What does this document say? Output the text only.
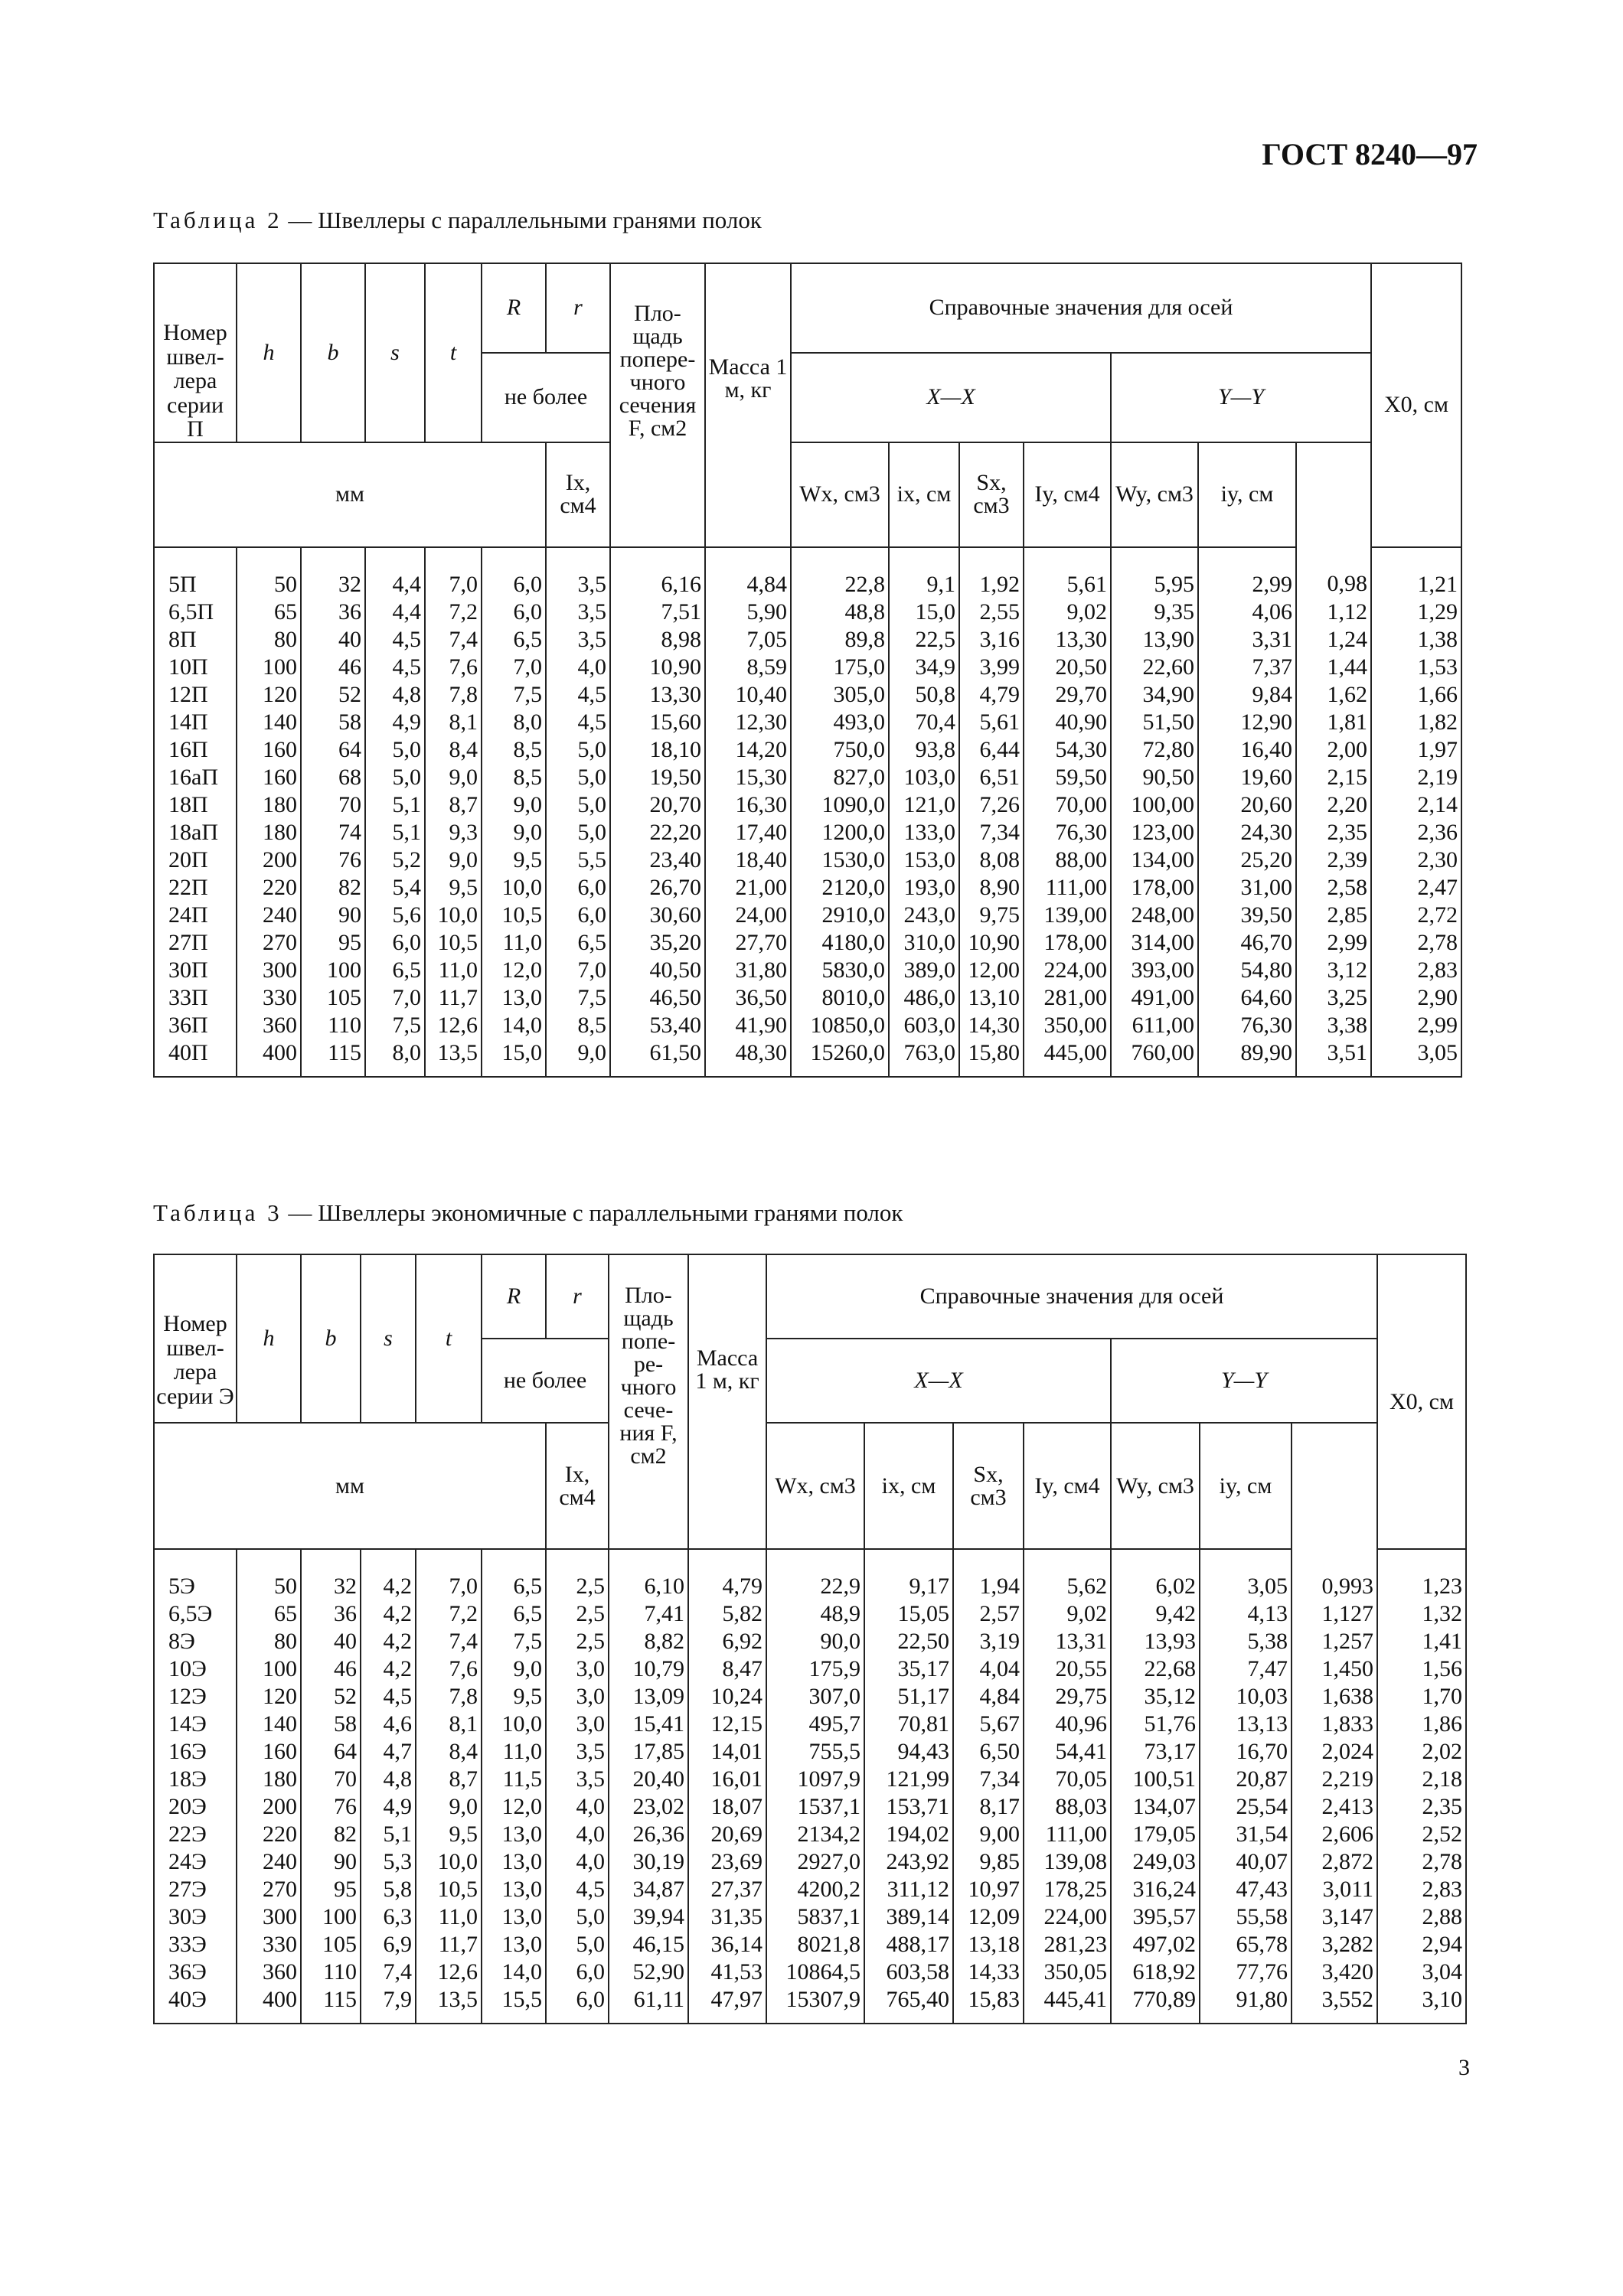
ГОСТ 8240—97
Таблица 2 — Швеллеры с параллельными гранями полок
Номер швел-лера серии П	h	b	s	t	R	r	Пло-щадь попере-чного сечения F, см2	Масса 1 м, кг	Справочные значения для осей							X0, см
					не более				X—X				Y—Y			
мм						Ix, см4			Wx, см3	ix, см	Sx, см3	Iy, см4	Wy, см3	iy, см		
5П	50	32	4,4	7,0	6,0	3,5	6,16	4,84	22,8	9,1	1,92	5,61	5,95	2,99	0,98	1,21
6,5П	65	36	4,4	7,2	6,0	3,5	7,51	5,90	48,8	15,0	2,55	9,02	9,35	4,06	1,12	1,29
8П	80	40	4,5	7,4	6,5	3,5	8,98	7,05	89,8	22,5	3,16	13,30	13,90	3,31	1,24	1,38
10П	100	46	4,5	7,6	7,0	4,0	10,90	8,59	175,0	34,9	3,99	20,50	22,60	7,37	1,44	1,53
12П	120	52	4,8	7,8	7,5	4,5	13,30	10,40	305,0	50,8	4,79	29,70	34,90	9,84	1,62	1,66
14П	140	58	4,9	8,1	8,0	4,5	15,60	12,30	493,0	70,4	5,61	40,90	51,50	12,90	1,81	1,82
16П	160	64	5,0	8,4	8,5	5,0	18,10	14,20	750,0	93,8	6,44	54,30	72,80	16,40	2,00	1,97
16аП	160	68	5,0	9,0	8,5	5,0	19,50	15,30	827,0	103,0	6,51	59,50	90,50	19,60	2,15	2,19
18П	180	70	5,1	8,7	9,0	5,0	20,70	16,30	1090,0	121,0	7,26	70,00	100,00	20,60	2,20	2,14
18аП	180	74	5,1	9,3	9,0	5,0	22,20	17,40	1200,0	133,0	7,34	76,30	123,00	24,30	2,35	2,36
20П	200	76	5,2	9,0	9,5	5,5	23,40	18,40	1530,0	153,0	8,08	88,00	134,00	25,20	2,39	2,30
22П	220	82	5,4	9,5	10,0	6,0	26,70	21,00	2120,0	193,0	8,90	111,00	178,00	31,00	2,58	2,47
24П	240	90	5,6	10,0	10,5	6,0	30,60	24,00	2910,0	243,0	9,75	139,00	248,00	39,50	2,85	2,72
27П	270	95	6,0	10,5	11,0	6,5	35,20	27,70	4180,0	310,0	10,90	178,00	314,00	46,70	2,99	2,78
30П	300	100	6,5	11,0	12,0	7,0	40,50	31,80	5830,0	389,0	12,00	224,00	393,00	54,80	3,12	2,83
33П	330	105	7,0	11,7	13,0	7,5	46,50	36,50	8010,0	486,0	13,10	281,00	491,00	64,60	3,25	2,90
36П	360	110	7,5	12,6	14,0	8,5	53,40	41,90	10850,0	603,0	14,30	350,00	611,00	76,30	3,38	2,99
40П	400	115	8,0	13,5	15,0	9,0	61,50	48,30	15260,0	763,0	15,80	445,00	760,00	89,90	3,51	3,05
Таблица 3 — Швеллеры экономичные с параллельными гранями полок
Номер швел-лера серии Э	h	b	s	t	R	r	Пло-щадь попе-ре-чного сече-ния F, см2	Масса 1 м, кг	Справочные значения для осей							X0, см
					не более				X—X				Y—Y			
мм						Ix, см4			Wx, см3	ix, см	Sx, см3	Iy, см4	Wy, см3	iy, см		
5Э	50	32	4,2	7,0	6,5	2,5	6,10	4,79	22,9	9,17	1,94	5,62	6,02	3,05	0,993	1,23
6,5Э	65	36	4,2	7,2	6,5	2,5	7,41	5,82	48,9	15,05	2,57	9,02	9,42	4,13	1,127	1,32
8Э	80	40	4,2	7,4	7,5	2,5	8,82	6,92	90,0	22,50	3,19	13,31	13,93	5,38	1,257	1,41
10Э	100	46	4,2	7,6	9,0	3,0	10,79	8,47	175,9	35,17	4,04	20,55	22,68	7,47	1,450	1,56
12Э	120	52	4,5	7,8	9,5	3,0	13,09	10,24	307,0	51,17	4,84	29,75	35,12	10,03	1,638	1,70
14Э	140	58	4,6	8,1	10,0	3,0	15,41	12,15	495,7	70,81	5,67	40,96	51,76	13,13	1,833	1,86
16Э	160	64	4,7	8,4	11,0	3,5	17,85	14,01	755,5	94,43	6,50	54,41	73,17	16,70	2,024	2,02
18Э	180	70	4,8	8,7	11,5	3,5	20,40	16,01	1097,9	121,99	7,34	70,05	100,51	20,87	2,219	2,18
20Э	200	76	4,9	9,0	12,0	4,0	23,02	18,07	1537,1	153,71	8,17	88,03	134,07	25,54	2,413	2,35
22Э	220	82	5,1	9,5	13,0	4,0	26,36	20,69	2134,2	194,02	9,00	111,00	179,05	31,54	2,606	2,52
24Э	240	90	5,3	10,0	13,0	4,0	30,19	23,69	2927,0	243,92	9,85	139,08	249,03	40,07	2,872	2,78
27Э	270	95	5,8	10,5	13,0	4,5	34,87	27,37	4200,2	311,12	10,97	178,25	316,24	47,43	3,011	2,83
30Э	300	100	6,3	11,0	13,0	5,0	39,94	31,35	5837,1	389,14	12,09	224,00	395,57	55,58	3,147	2,88
33Э	330	105	6,9	11,7	13,0	5,0	46,15	36,14	8021,8	488,17	13,18	281,23	497,02	65,78	3,282	2,94
36Э	360	110	7,4	12,6	14,0	6,0	52,90	41,53	10864,5	603,58	14,33	350,05	618,92	77,76	3,420	3,04
40Э	400	115	7,9	13,5	15,5	6,0	61,11	47,97	15307,9	765,40	15,83	445,41	770,89	91,80	3,552	3,10
3
